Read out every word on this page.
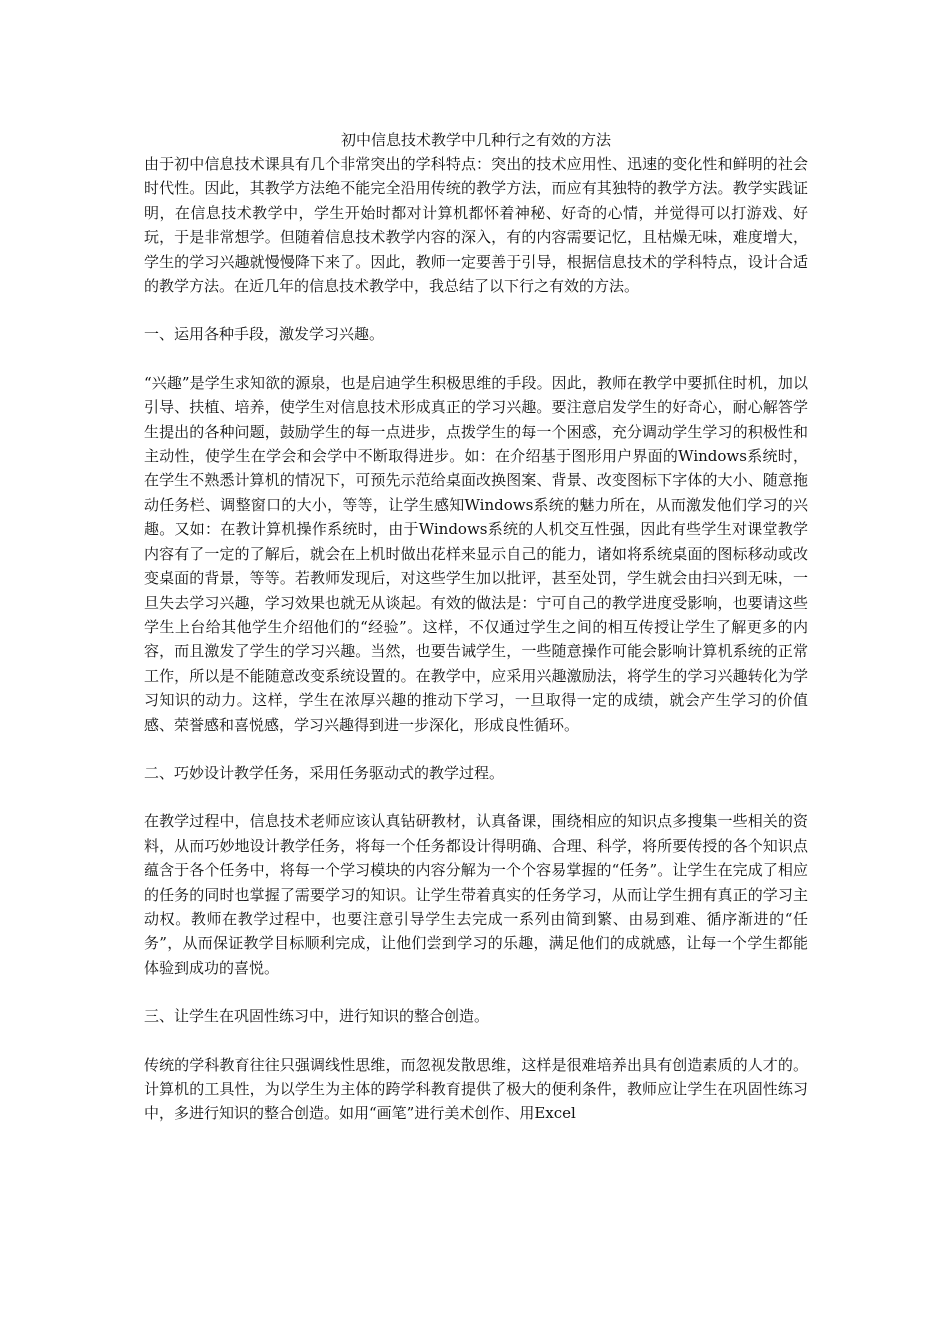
初中信息技术教学中几种行之有效的方法

由于初中信息技术课具有几个非常突出的学科特点：突出的技术应用性、迅速的变化性和鲜明的社会时代性。因此，其教学方法绝不能完全沿用传统的教学方法，而应有其独特的教学方法。教学实践证明，在信息技术教学中，学生开始时都对计算机都怀着神秘、好奇的心情，并觉得可以打游戏、好玩，于是非常想学。但随着信息技术教学内容的深入，有的内容需要记忆，且枯燥无味，难度增大，学生的学习兴趣就慢慢降下来了。因此，教师一定要善于引导，根据信息技术的学科特点，设计合适的教学方法。在近几年的信息技术教学中，我总结了以下行之有效的方法。

一、运用各种手段，激发学习兴趣。

“兴趣”是学生求知欲的源泉，也是启迪学生积极思维的手段。因此，教师在教学中要抓住时机，加以引导、扶植、培养，使学生对信息技术形成真正的学习兴趣。要注意启发学生的好奇心，耐心解答学生提出的各种问题，鼓励学生的每一点进步，点拨学生的每一个困惑，充分调动学生学习的积极性和主动性，使学生在学会和会学中不断取得进步。如：在介绍基于图形用户界面的Windows系统时，在学生不熟悉计算机的情况下，可预先示范给桌面改换图案、背景、改变图标下字体的大小、随意拖动任务栏、调整窗口的大小，等等，让学生感知Windows系统的魅力所在，从而激发他们学习的兴趣。又如：在教计算机操作系统时，由于Windows系统的人机交互性强，因此有些学生对课堂教学内容有了一定的了解后，就会在上机时做出花样来显示自己的能力，诸如将系统桌面的图标移动或改变桌面的背景，等等。若教师发现后，对这些学生加以批评，甚至处罚，学生就会由扫兴到无味，一旦失去学习兴趣，学习效果也就无从谈起。有效的做法是：宁可自己的教学进度受影响，也要请这些学生上台给其他学生介绍他们的“经验”。这样，不仅通过学生之间的相互传授让学生了解更多的内容，而且激发了学生的学习兴趣。当然，也要告诫学生，一些随意操作可能会影响计算机系统的正常工作，所以是不能随意改变系统设置的。在教学中，应采用兴趣激励法，将学生的学习兴趣转化为学习知识的动力。这样，学生在浓厚兴趣的推动下学习，一旦取得一定的成绩，就会产生学习的价值感、荣誉感和喜悦感，学习兴趣得到进一步深化，形成良性循环。

二、巧妙设计教学任务，采用任务驱动式的教学过程。

在教学过程中，信息技术老师应该认真钻研教材，认真备课，围绕相应的知识点多搜集一些相关的资料，从而巧妙地设计教学任务，将每一个任务都设计得明确、合理、科学，将所要传授的各个知识点蕴含于各个任务中，将每一个学习模块的内容分解为一个个容易掌握的“任务”。让学生在完成了相应的任务的同时也掌握了需要学习的知识。让学生带着真实的任务学习，从而让学生拥有真正的学习主动权。教师在教学过程中，也要注意引导学生去完成一系列由简到繁、由易到难、循序渐进的“任务”，从而保证教学目标顺利完成，让他们尝到学习的乐趣，满足他们的成就感，让每一个学生都能体验到成功的喜悦。

三、让学生在巩固性练习中，进行知识的整合创造。

传统的学科教育往往只强调线性思维，而忽视发散思维，这样是很难培养出具有创造素质的人才的。计算机的工具性，为以学生为主体的跨学科教育提供了极大的便利条件，教师应让学生在巩固性练习中，多进行知识的整合创造。如用“画笔”进行美术创作、用Excel
